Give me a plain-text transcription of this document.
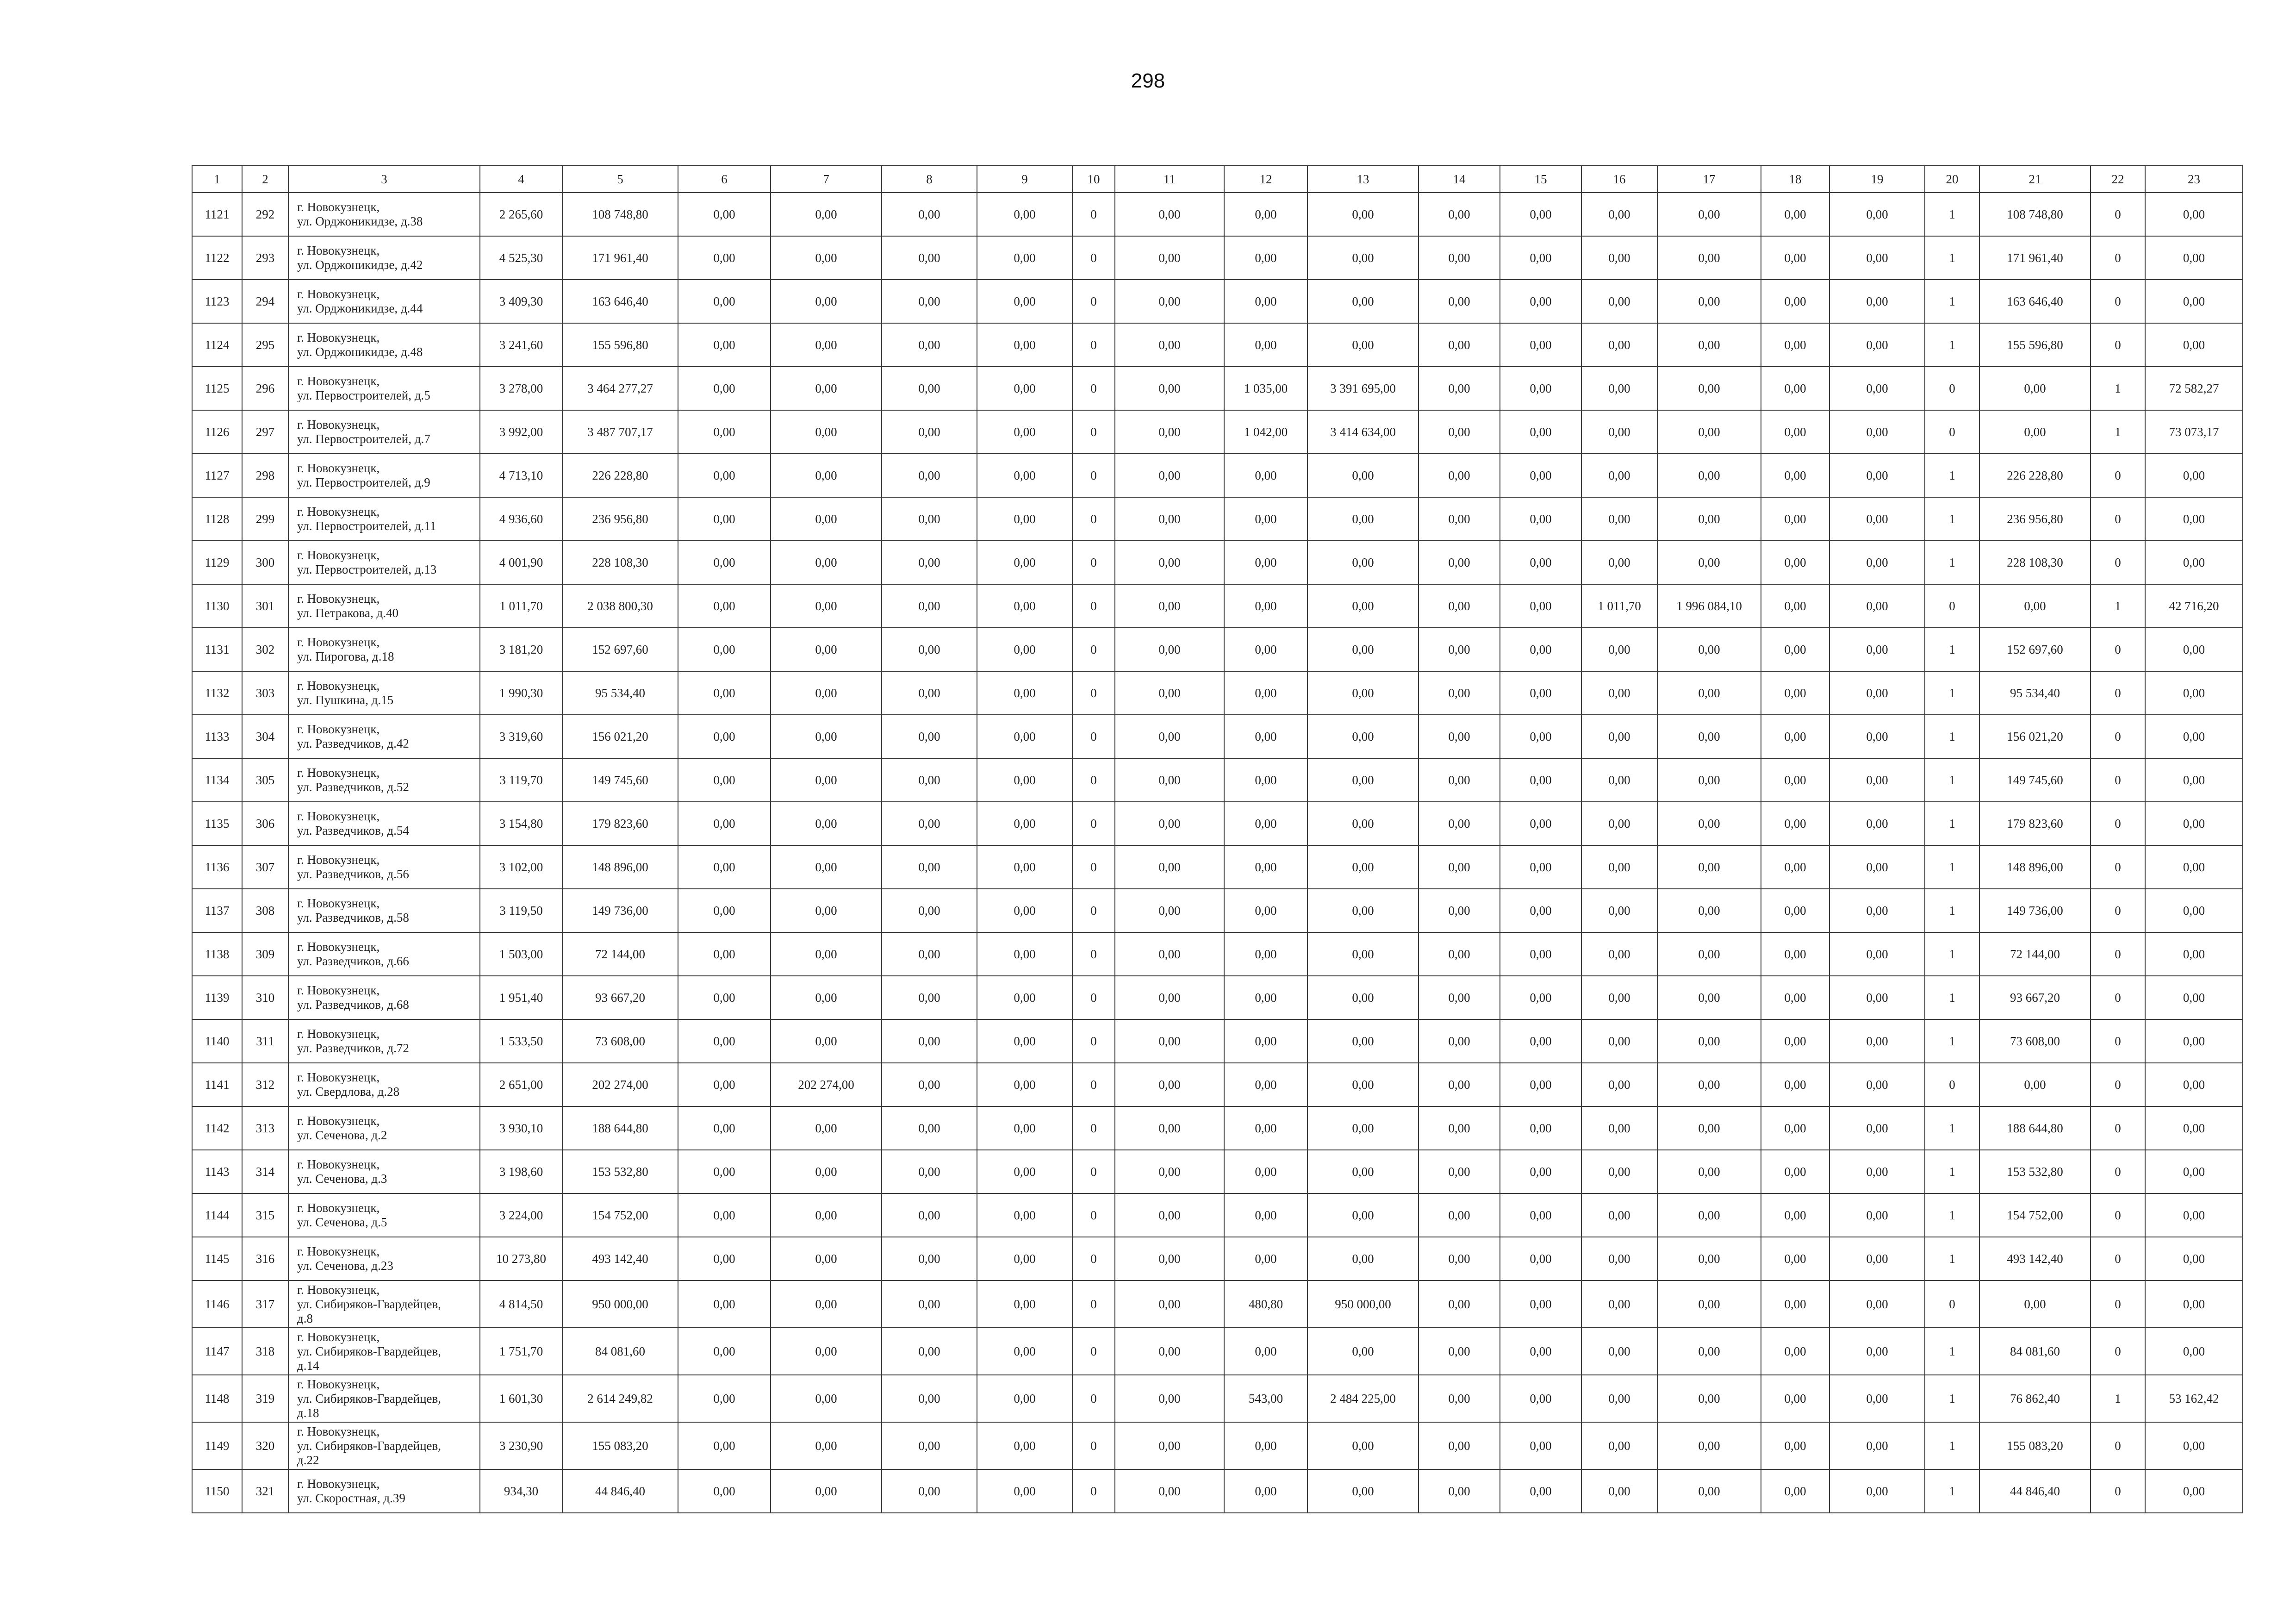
298
1	2	3	4	5	6	7	8	9	10	11	12	13	14	15	16	17	18	19	20	21	22	23
1121	292	г. Новокузнецк,
ул. Орджоникидзе, д.38	2 265,60	108 748,80	0,00	0,00	0,00	0,00	0	0,00	0,00	0,00	0,00	0,00	0,00	0,00	0,00	0,00	1	108 748,80	0	0,00
1122	293	г. Новокузнецк,
ул. Орджоникидзе, д.42	4 525,30	171 961,40	0,00	0,00	0,00	0,00	0	0,00	0,00	0,00	0,00	0,00	0,00	0,00	0,00	0,00	1	171 961,40	0	0,00
1123	294	г. Новокузнецк,
ул. Орджоникидзе, д.44	3 409,30	163 646,40	0,00	0,00	0,00	0,00	0	0,00	0,00	0,00	0,00	0,00	0,00	0,00	0,00	0,00	1	163 646,40	0	0,00
1124	295	г. Новокузнецк,
ул. Орджоникидзе, д.48	3 241,60	155 596,80	0,00	0,00	0,00	0,00	0	0,00	0,00	0,00	0,00	0,00	0,00	0,00	0,00	0,00	1	155 596,80	0	0,00
1125	296	г. Новокузнецк,
ул. Первостроителей, д.5	3 278,00	3 464 277,27	0,00	0,00	0,00	0,00	0	0,00	1 035,00	3 391 695,00	0,00	0,00	0,00	0,00	0,00	0,00	0	0,00	1	72 582,27
1126	297	г. Новокузнецк,
ул. Первостроителей, д.7	3 992,00	3 487 707,17	0,00	0,00	0,00	0,00	0	0,00	1 042,00	3 414 634,00	0,00	0,00	0,00	0,00	0,00	0,00	0	0,00	1	73 073,17
1127	298	г. Новокузнецк,
ул. Первостроителей, д.9	4 713,10	226 228,80	0,00	0,00	0,00	0,00	0	0,00	0,00	0,00	0,00	0,00	0,00	0,00	0,00	0,00	1	226 228,80	0	0,00
1128	299	г. Новокузнецк,
ул. Первостроителей, д.11	4 936,60	236 956,80	0,00	0,00	0,00	0,00	0	0,00	0,00	0,00	0,00	0,00	0,00	0,00	0,00	0,00	1	236 956,80	0	0,00
1129	300	г. Новокузнецк,
ул. Первостроителей, д.13	4 001,90	228 108,30	0,00	0,00	0,00	0,00	0	0,00	0,00	0,00	0,00	0,00	0,00	0,00	0,00	0,00	1	228 108,30	0	0,00
1130	301	г. Новокузнецк,
ул. Петракова, д.40	1 011,70	2 038 800,30	0,00	0,00	0,00	0,00	0	0,00	0,00	0,00	0,00	0,00	1 011,70	1 996 084,10	0,00	0,00	0	0,00	1	42 716,20
1131	302	г. Новокузнецк,
ул. Пирогова, д.18	3 181,20	152 697,60	0,00	0,00	0,00	0,00	0	0,00	0,00	0,00	0,00	0,00	0,00	0,00	0,00	0,00	1	152 697,60	0	0,00
1132	303	г. Новокузнецк,
ул. Пушкина, д.15	1 990,30	95 534,40	0,00	0,00	0,00	0,00	0	0,00	0,00	0,00	0,00	0,00	0,00	0,00	0,00	0,00	1	95 534,40	0	0,00
1133	304	г. Новокузнецк,
ул. Разведчиков, д.42	3 319,60	156 021,20	0,00	0,00	0,00	0,00	0	0,00	0,00	0,00	0,00	0,00	0,00	0,00	0,00	0,00	1	156 021,20	0	0,00
1134	305	г. Новокузнецк,
ул. Разведчиков, д.52	3 119,70	149 745,60	0,00	0,00	0,00	0,00	0	0,00	0,00	0,00	0,00	0,00	0,00	0,00	0,00	0,00	1	149 745,60	0	0,00
1135	306	г. Новокузнецк,
ул. Разведчиков, д.54	3 154,80	179 823,60	0,00	0,00	0,00	0,00	0	0,00	0,00	0,00	0,00	0,00	0,00	0,00	0,00	0,00	1	179 823,60	0	0,00
1136	307	г. Новокузнецк,
ул. Разведчиков, д.56	3 102,00	148 896,00	0,00	0,00	0,00	0,00	0	0,00	0,00	0,00	0,00	0,00	0,00	0,00	0,00	0,00	1	148 896,00	0	0,00
1137	308	г. Новокузнецк,
ул. Разведчиков, д.58	3 119,50	149 736,00	0,00	0,00	0,00	0,00	0	0,00	0,00	0,00	0,00	0,00	0,00	0,00	0,00	0,00	1	149 736,00	0	0,00
1138	309	г. Новокузнецк,
ул. Разведчиков, д.66	1 503,00	72 144,00	0,00	0,00	0,00	0,00	0	0,00	0,00	0,00	0,00	0,00	0,00	0,00	0,00	0,00	1	72 144,00	0	0,00
1139	310	г. Новокузнецк,
ул. Разведчиков, д.68	1 951,40	93 667,20	0,00	0,00	0,00	0,00	0	0,00	0,00	0,00	0,00	0,00	0,00	0,00	0,00	0,00	1	93 667,20	0	0,00
1140	311	г. Новокузнецк,
ул. Разведчиков, д.72	1 533,50	73 608,00	0,00	0,00	0,00	0,00	0	0,00	0,00	0,00	0,00	0,00	0,00	0,00	0,00	0,00	1	73 608,00	0	0,00
1141	312	г. Новокузнецк,
ул. Свердлова, д.28	2 651,00	202 274,00	0,00	202 274,00	0,00	0,00	0	0,00	0,00	0,00	0,00	0,00	0,00	0,00	0,00	0,00	0	0,00	0	0,00
1142	313	г. Новокузнецк,
ул. Сеченова, д.2	3 930,10	188 644,80	0,00	0,00	0,00	0,00	0	0,00	0,00	0,00	0,00	0,00	0,00	0,00	0,00	0,00	1	188 644,80	0	0,00
1143	314	г. Новокузнецк,
ул. Сеченова, д.3	3 198,60	153 532,80	0,00	0,00	0,00	0,00	0	0,00	0,00	0,00	0,00	0,00	0,00	0,00	0,00	0,00	1	153 532,80	0	0,00
1144	315	г. Новокузнецк,
ул. Сеченова, д.5	3 224,00	154 752,00	0,00	0,00	0,00	0,00	0	0,00	0,00	0,00	0,00	0,00	0,00	0,00	0,00	0,00	1	154 752,00	0	0,00
1145	316	г. Новокузнецк,
ул. Сеченова, д.23	10 273,80	493 142,40	0,00	0,00	0,00	0,00	0	0,00	0,00	0,00	0,00	0,00	0,00	0,00	0,00	0,00	1	493 142,40	0	0,00
1146	317	г. Новокузнецк,
ул. Сибиряков-Гвардейцев,
д.8	4 814,50	950 000,00	0,00	0,00	0,00	0,00	0	0,00	480,80	950 000,00	0,00	0,00	0,00	0,00	0,00	0,00	0	0,00	0	0,00
1147	318	г. Новокузнецк,
ул. Сибиряков-Гвардейцев,
д.14	1 751,70	84 081,60	0,00	0,00	0,00	0,00	0	0,00	0,00	0,00	0,00	0,00	0,00	0,00	0,00	0,00	1	84 081,60	0	0,00
1148	319	г. Новокузнецк,
ул. Сибиряков-Гвардейцев,
д.18	1 601,30	2 614 249,82	0,00	0,00	0,00	0,00	0	0,00	543,00	2 484 225,00	0,00	0,00	0,00	0,00	0,00	0,00	1	76 862,40	1	53 162,42
1149	320	г. Новокузнецк,
ул. Сибиряков-Гвардейцев,
д.22	3 230,90	155 083,20	0,00	0,00	0,00	0,00	0	0,00	0,00	0,00	0,00	0,00	0,00	0,00	0,00	0,00	1	155 083,20	0	0,00
1150	321	г. Новокузнецк,
ул. Скоростная, д.39	934,30	44 846,40	0,00	0,00	0,00	0,00	0	0,00	0,00	0,00	0,00	0,00	0,00	0,00	0,00	0,00	1	44 846,40	0	0,00
